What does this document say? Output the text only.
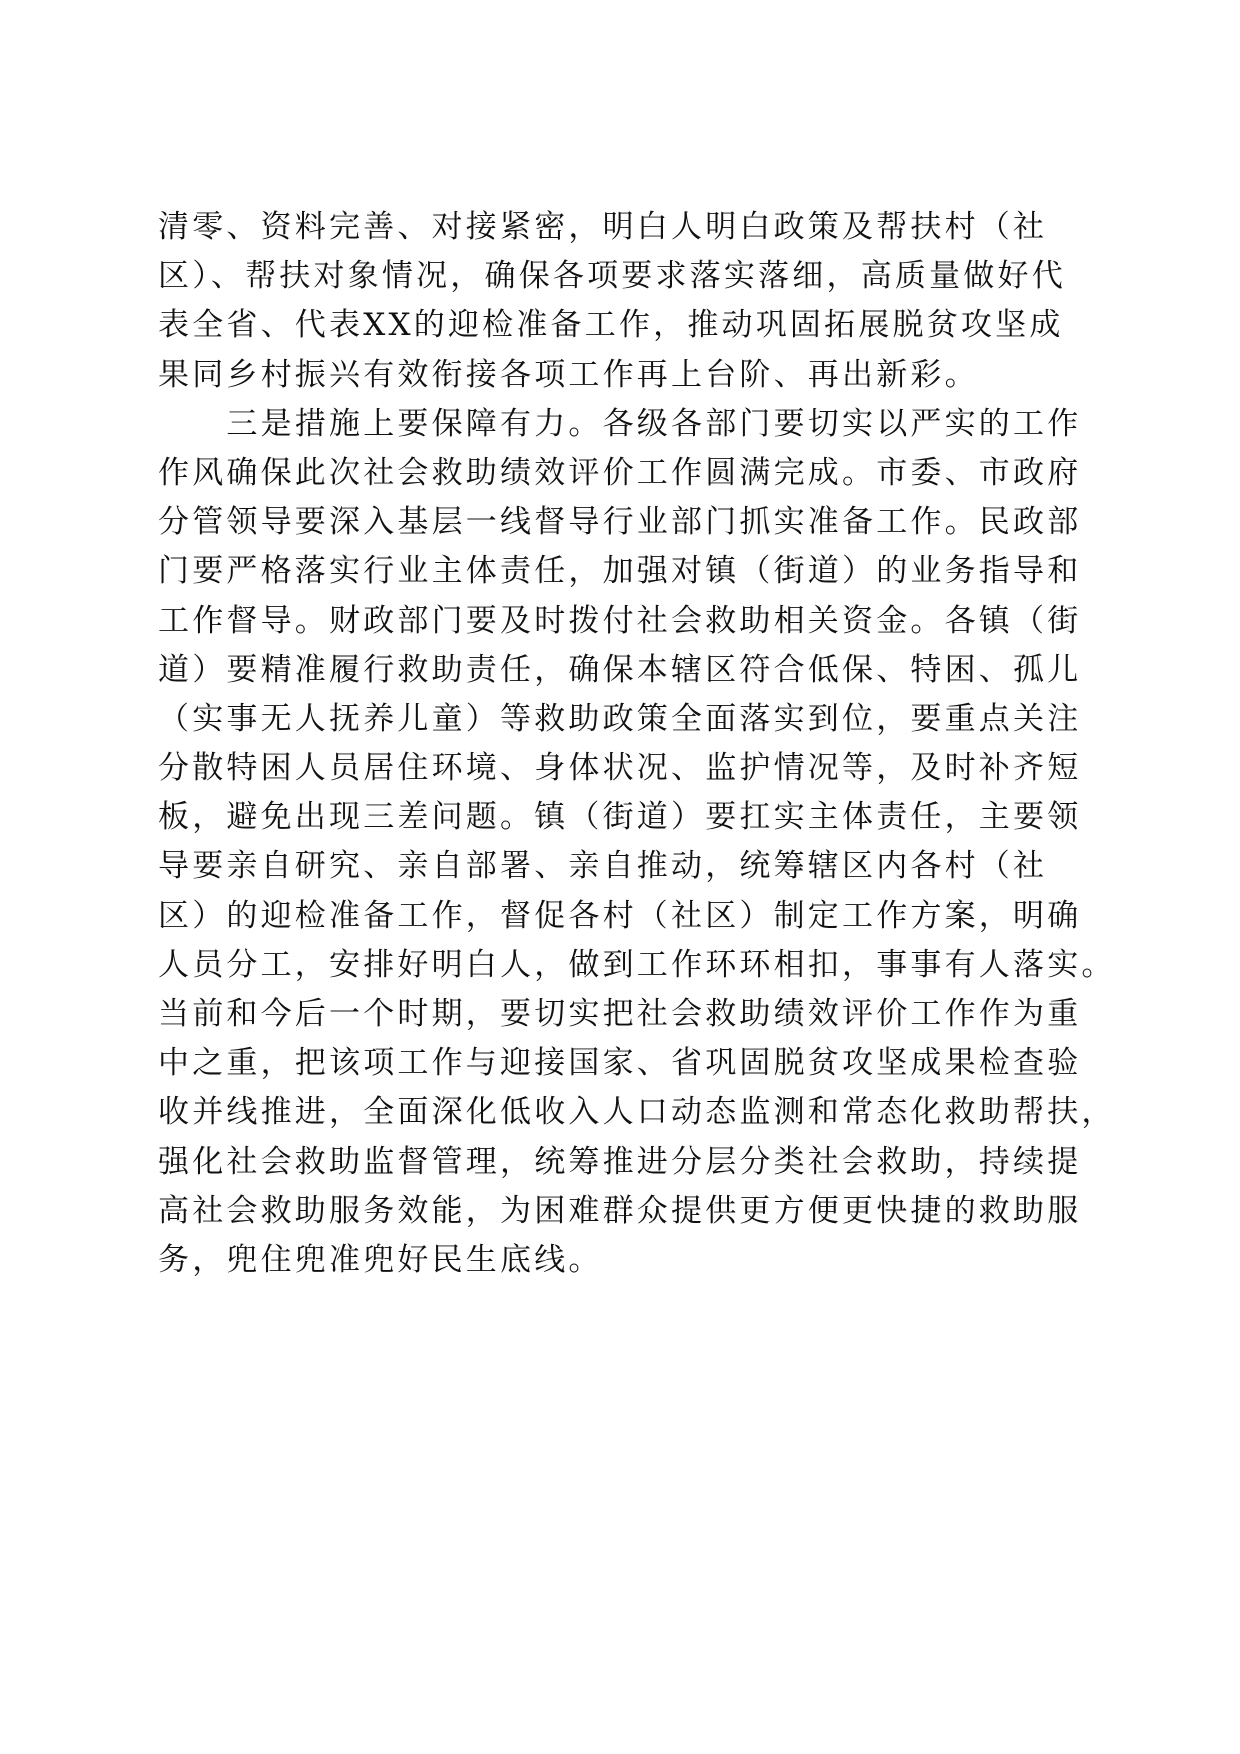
清零、资料完善、对接紧密，明白人明白政策及帮扶村（社
区）、帮扶对象情况，确保各项要求落实落细，高质量做好代
表全省、代表XX的迎检准备工作，推动巩固拓展脱贫攻坚成
果同乡村振兴有效衔接各项工作再上台阶、再出新彩。
　　三是措施上要保障有力。各级各部门要切实以严实的工作
作风确保此次社会救助绩效评价工作圆满完成。市委、市政府
分管领导要深入基层一线督导行业部门抓实准备工作。民政部
门要严格落实行业主体责任，加强对镇（街道）的业务指导和
工作督导。财政部门要及时拨付社会救助相关资金。各镇（街
道）要精准履行救助责任，确保本辖区符合低保、特困、孤儿
（实事无人抚养儿童）等救助政策全面落实到位，要重点关注
分散特困人员居住环境、身体状况、监护情况等，及时补齐短
板，避免出现三差问题。镇（街道）要扛实主体责任，主要领
导要亲自研究、亲自部署、亲自推动，统筹辖区内各村（社
区）的迎检准备工作，督促各村（社区）制定工作方案，明确
人员分工，安排好明白人，做到工作环环相扣，事事有人落实。
当前和今后一个时期，要切实把社会救助绩效评价工作作为重
中之重，把该项工作与迎接国家、省巩固脱贫攻坚成果检查验
收并线推进，全面深化低收入人口动态监测和常态化救助帮扶，
强化社会救助监督管理，统筹推进分层分类社会救助，持续提
高社会救助服务效能，为困难群众提供更方便更快捷的救助服
务，兜住兜准兜好民生底线。
